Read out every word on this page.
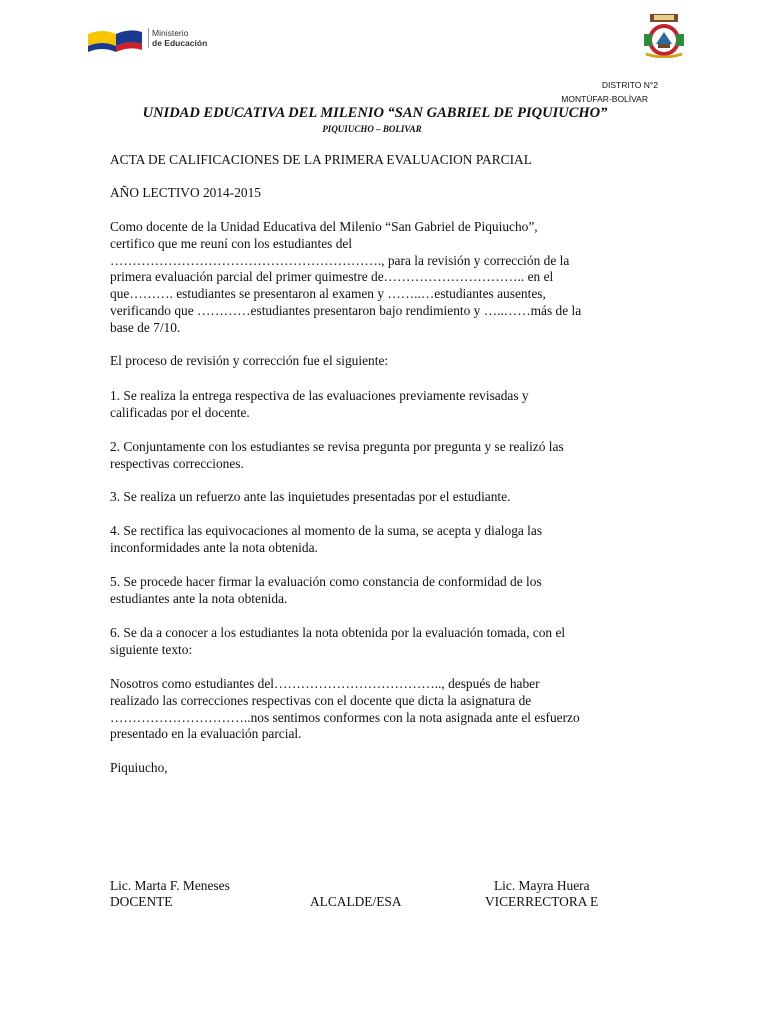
Ministerio
de Educación
DISTRITO N°2
MONTÚFAR-BOLÍVAR
UNIDAD EDUCATIVA DEL MILENIO “SAN GABRIEL DE PIQUIUCHO”
PIQUIUCHO – BOLIVAR
ACTA DE CALIFICACIONES DE LA PRIMERA EVALUACION PARCIAL
AÑO LECTIVO 2014-2015
Como docente de la Unidad Educativa del Milenio “San Gabriel de Piquiucho”,
certifico que me reuní con los estudiantes del
……………………………………………………., para la revisión y corrección de la
primera evaluación parcial del primer quimestre de………………………….. en el
que………. estudiantes se presentaron al examen y ……..…estudiantes ausentes,
verificando que …………estudiantes presentaron bajo rendimiento y …..……más de la
base de 7/10.
El proceso de revisión y corrección fue el siguiente:
1. Se realiza la entrega respectiva de las evaluaciones previamente revisadas y
calificadas por el docente.
2. Conjuntamente con los estudiantes se revisa pregunta por pregunta y se realizó las
respectivas correcciones.
3. Se realiza un refuerzo ante las inquietudes presentadas por el estudiante.
4. Se rectifica las equivocaciones al momento de la suma, se acepta y dialoga las
inconformidades ante la nota obtenida.
5. Se procede hacer firmar la evaluación como constancia de conformidad de los
estudiantes ante la nota obtenida.
6. Se da a conocer a los estudiantes la nota obtenida por la evaluación tomada, con el
siguiente texto:
Nosotros como estudiantes del……………………………….., después de haber
realizado las correcciones respectivas con el docente que dicta la asignatura de
…………………………..nos sentimos conformes con la nota asignada ante el esfuerzo
presentado en la evaluación parcial.
Piquiucho,
Lic. Marta F. Meneses
DOCENTE	ALCALDE/ESA
Lic. Mayra Huera
VICERRECTORA E
